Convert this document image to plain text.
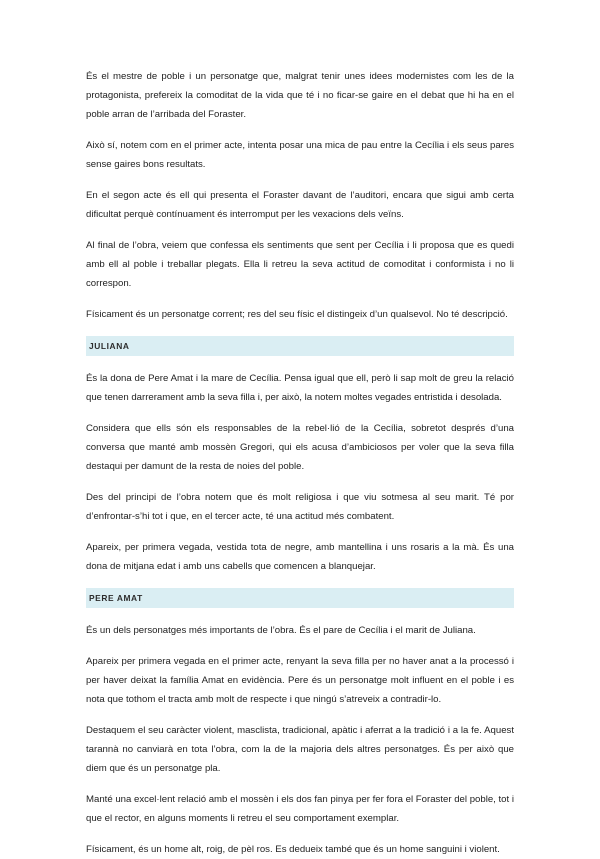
És el mestre de poble i un personatge que, malgrat tenir unes idees modernistes com les de la protagonista, prefereix la comoditat de la vida que té i no ficar-se gaire en el debat que hi ha en el poble arran de l’arribada del Foraster.

Això sí, notem com en el primer acte, intenta posar una mica de pau entre la Cecília i els seus pares sense gaires bons resultats.

En el segon acte és ell qui presenta el Foraster davant de l’auditori, encara que sigui amb certa dificultat perquè contínuament és interromput per les vexacions dels veïns.

Al final de l’obra, veiem que confessa els sentiments que sent per Cecília i li proposa que es quedi amb ell al poble i treballar plegats. Ella li retreu la seva actitud de comoditat i conformista i no li correspon.

Físicament és un personatge corrent; res del seu físic el distingeix d’un qualsevol. No té descripció.

JULIANA

És la dona de Pere Amat i la mare de Cecília. Pensa igual que ell, però li sap molt de greu la relació que tenen darrerament amb la seva filla i, per això, la notem moltes vegades entristida i desolada.

Considera que ells són els responsables de la rebel·lió de la Cecília, sobretot després d’una conversa que manté amb mossèn Gregori, qui els acusa d’ambiciosos per voler que la seva filla destaqui per damunt de la resta de noies del poble.

Des del principi de l’obra notem que és molt religiosa i que viu sotmesa al seu marit. Té por d’enfrontar-s’hi tot i que, en el tercer acte, té una actitud més combatent.

Apareix, per primera vegada, vestida tota de negre, amb mantellina i uns rosaris a la mà. És una dona de mitjana edat i amb uns cabells que comencen a blanquejar.

PERE AMAT

És un dels personatges més importants de l’obra. És el pare de Cecília i el marit de Juliana.

Apareix per primera vegada en el primer acte, renyant la seva filla per no haver anat a la processó i per haver deixat la família Amat en evidència. Pere és un personatge molt influent en el poble i es nota que tothom el tracta amb molt de respecte i que ningú s’atreveix a contradir-lo.

Destaquem el seu caràcter violent, masclista, tradicional, apàtic i aferrat a la tradició i a la fe. Aquest tarannà no canviarà en tota l’obra, com la de la majoria dels altres personatges. És per això que diem que és un personatge pla.

Manté una excel·lent relació amb el mossèn i els dos fan pinya per fer fora el Foraster del poble, tot i que el rector, en alguns moments li retreu el seu comportament exemplar.

Físicament, és un home alt, roig, de pèl ros. Es dedueix també que és un home sanguini i violent.
